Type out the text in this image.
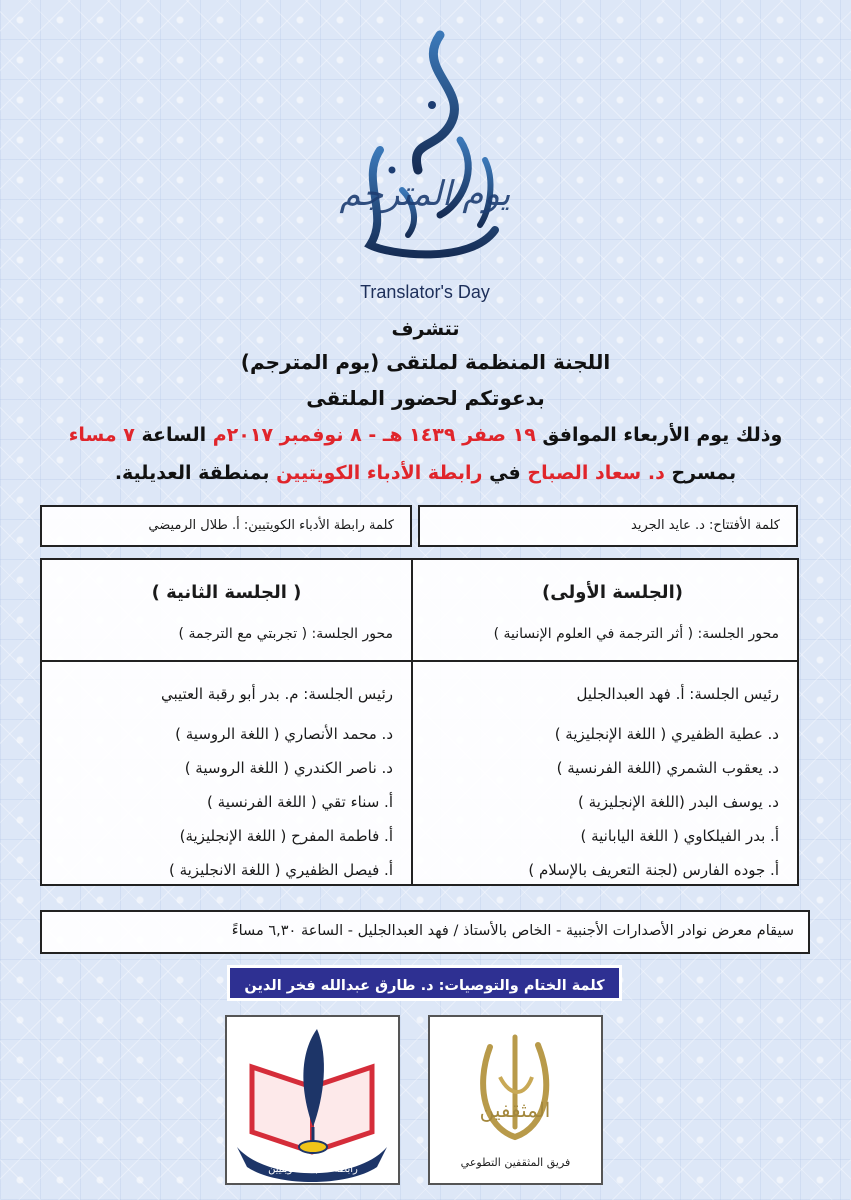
يوم المترجم
Translator's Day
تتشرف
اللجنة المنظمة لملتقى (يوم المترجم)
بدعوتكم لحضور الملتقى
وذلك يوم الأربعاء الموافق ١٩ صفر ١٤٣٩ هـ - ٨ نوفمبر ٢٠١٧م الساعة ٧ مساء
بمسرح د. سعاد الصباح في رابطة الأدباء الكويتيين بمنطقة العديلية.
كلمة الأفتتاح: د. عايد الجريد
كلمة رابطة الأدباء الكويتيين: أ. طلال الرميضي
(الجلسة الأولى)
محور الجلسة: ( أثر الترجمة في العلوم الإنسانية )
رئيس الجلسة: أ. فهد العبدالجليل
د. عطية الظفيري ( اللغة الإنجليزية )
د. يعقوب الشمري (اللغة الفرنسية )
د. يوسف البدر (اللغة الإنجليزية )
أ. بدر الفيلكاوي ( اللغة اليابانية )
أ. جوده الفارس (لجنة التعريف بالإسلام )
( الجلسة الثانية )
محور الجلسة: ( تجربتي مع الترجمة )
رئيس الجلسة: م. بدر أبو رقبة العتيبي
د. محمد الأنصاري ( اللغة الروسية )
د. ناصر الكندري ( اللغة الروسية )
أ. سناء تقي ( اللغة الفرنسية )
أ. فاطمة المفرح ( اللغة الإنجليزية)
أ. فيصل الظفيري ( اللغة الانجليزية )
سيقام معرض نوادر الأصدارات الأجنبية - الخاص بالأستاذ / فهد العبدالجليل - الساعة ٦,٣٠ مساءً
كلمة الختام والتوصيات: د. طارق عبدالله فخر الدين
رابطة الأدباء الكويتيين
المثقفين
فريق المثقفين التطوعي
